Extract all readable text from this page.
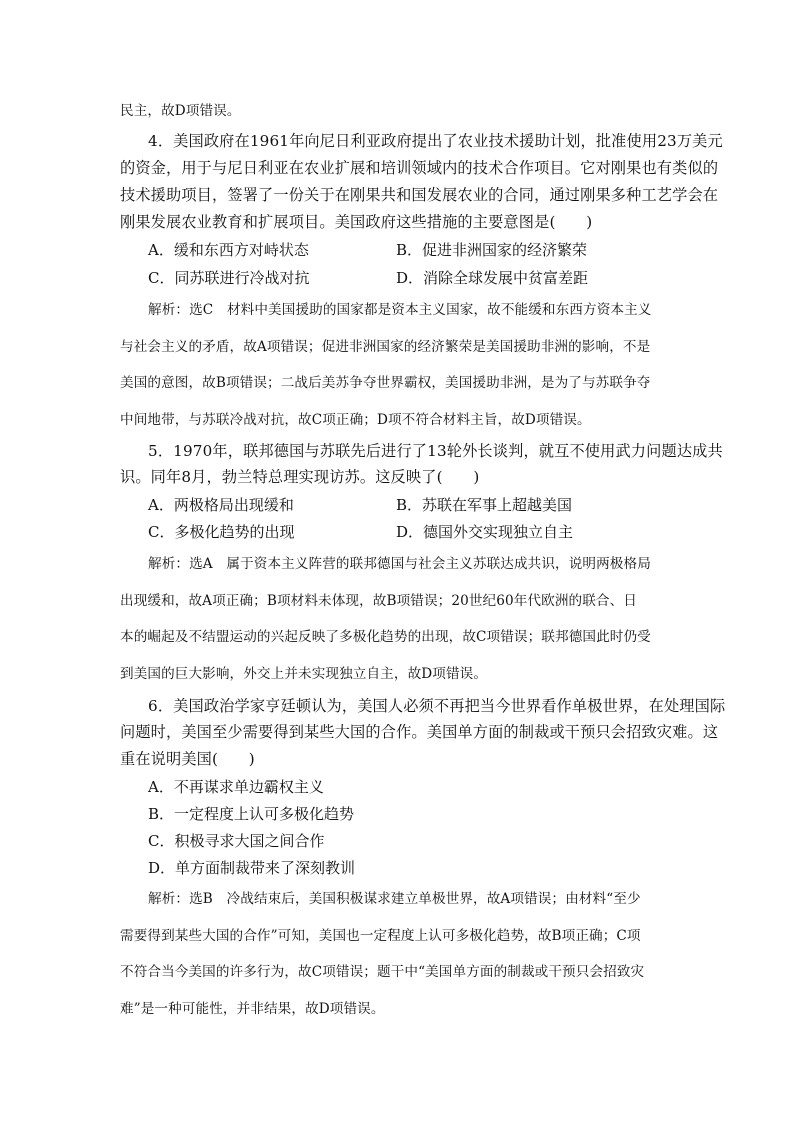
民主，故D项错误。
4．美国政府在1961年向尼日利亚政府提出了农业技术援助计划，批准使用23万美元
的资金，用于与尼日利亚在农业扩展和培训领域内的技术合作项目。它对刚果也有类似的
技术援助项目，签署了一份关于在刚果共和国发展农业的合同，通过刚果多种工艺学会在
刚果发展农业教育和扩展项目。美国政府这些措施的主要意图是(　　)
A．缓和东西方对峙状态	B．促进非洲国家的经济繁荣
C．同苏联进行冷战对抗	D．消除全球发展中贫富差距
解析：选C　材料中美国援助的国家都是资本主义国家，故不能缓和东西方资本主义
与社会主义的矛盾，故A项错误；促进非洲国家的经济繁荣是美国援助非洲的影响，不是
美国的意图，故B项错误；二战后美苏争夺世界霸权，美国援助非洲，是为了与苏联争夺
中间地带，与苏联冷战对抗，故C项正确；D项不符合材料主旨，故D项错误。
5．1970年，联邦德国与苏联先后进行了13轮外长谈判，就互不使用武力问题达成共
识。同年8月，勃兰特总理实现访苏。这反映了(　　)
A．两极格局出现缓和	B．苏联在军事上超越美国
C．多极化趋势的出现	D．德国外交实现独立自主
解析：选A　属于资本主义阵营的联邦德国与社会主义苏联达成共识，说明两极格局
出现缓和，故A项正确；B项材料未体现，故B项错误；20世纪60年代欧洲的联合、日
本的崛起及不结盟运动的兴起反映了多极化趋势的出现，故C项错误；联邦德国此时仍受
到美国的巨大影响，外交上并未实现独立自主，故D项错误。
6．美国政治学家亨廷顿认为，美国人必须不再把当今世界看作单极世界，在处理国际
问题时，美国至少需要得到某些大国的合作。美国单方面的制裁或干预只会招致灾难。这
重在说明美国(　　)
A．不再谋求单边霸权主义
B．一定程度上认可多极化趋势
C．积极寻求大国之间合作
D．单方面制裁带来了深刻教训
解析：选B　冷战结束后，美国积极谋求建立单极世界，故A项错误；由材料“至少
需要得到某些大国的合作”可知，美国也一定程度上认可多极化趋势，故B项正确；C项
不符合当今美国的许多行为，故C项错误；题干中“美国单方面的制裁或干预只会招致灾
难”是一种可能性，并非结果，故D项错误。
